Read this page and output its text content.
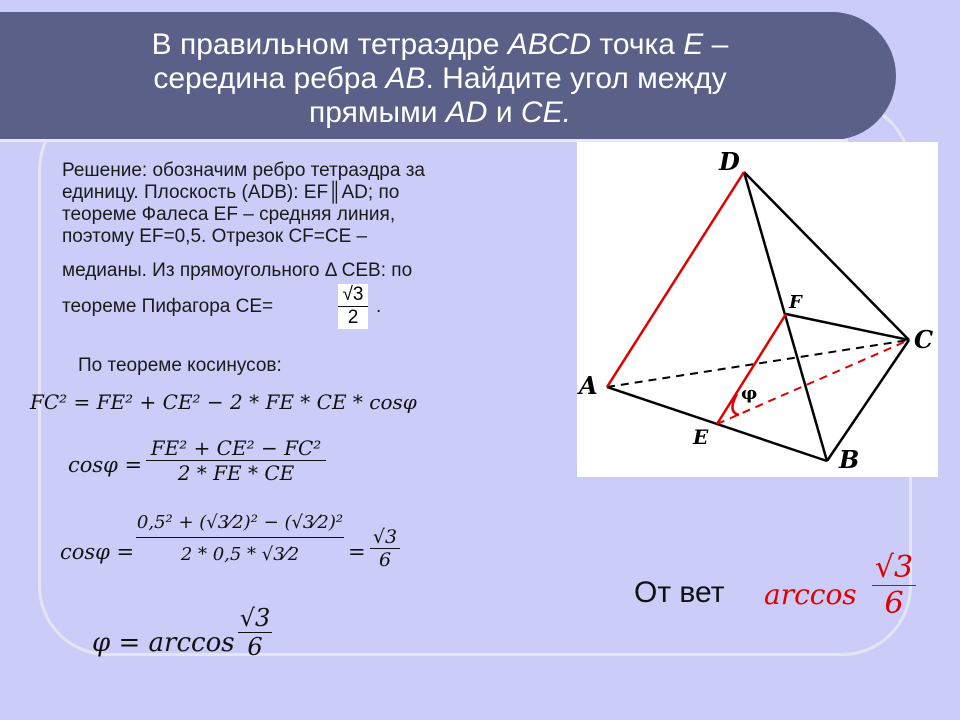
В правильном тетраэдре ABCD точка E –
середина ребра AB. Найдите угол между
прямыми AD и CE.
Решение: обозначим ребро тетраэдра за
единицу. Плоскость (ADB): EF║AD; по
теореме Фалеса EF – средняя линия,
поэтому EF=0,5. Отрезок CF=CE –
медианы. Из прямоугольного Δ CEB: по
теореме Пифагора CE=
√3
2
.
По теореме косинусов:
FC² = FE² + CE² − 2 * FE * CE * cosφ
cosφ =
FE² + CE² − FC²
2 * FE * CE
cosφ =
0,5² + (√3⁄2)² − (√3⁄2)²
2 * 0,5 * √3⁄2	=
√3
6
φ = arccos
√3
6
D
A
B
C
E
F
φ
От вет arccos
√3
6
